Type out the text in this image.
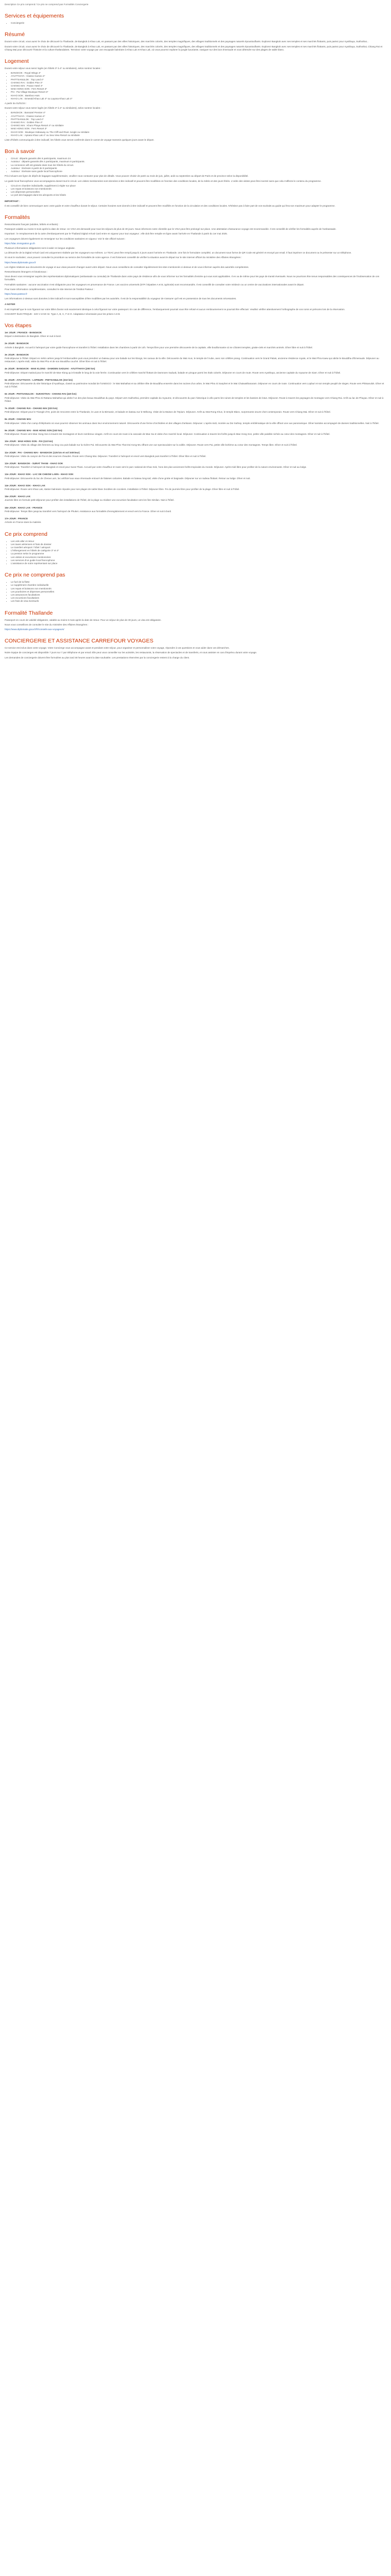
Description Ce prix comprend / Ce prix ne comprend pas Formalités Conciergerie

Services et équipements
• Conciergerie
Résumé

Durant votre circuit, vous aurez le choix de découvrir la Thaïlande, de Bangkok à Khao Lak, en passant par des villes historiques, des marchés colorés, des temples magnifiques, des villages traditionnels et des paysages naturels époustouflants. Explorez Bangkok avec ses temples et ses marchés flottants, puis partez pour Ayutthaya, Sukhothai...

Durant votre circuit, vous aurez le choix de découvrir la Thaïlande, de Bangkok à Khao Lak, en passant par des villes historiques, des marchés colorés, des temples magnifiques, des villages traditionnels et des paysages naturels époustouflants. Explorez Bangkok avec ses temples et ses marchés flottants, puis partez pour Ayutthaya, Sukhothai, Chiang Rai et Chiang Mai pour découvrir l'histoire et la culture thaïlandaises. Terminez votre voyage par une escapade balnéaire à Khao Lak et Khao Lak, où vous pourrez explorer la jungle luxuriante, naviguer sur des lacs émeraude et vous détendre sur des plages de sable blanc.

Logement

Durant votre séjour vous serez logés (en hôtels 3* à 4* ou similaires), selon sontrez locales :

• BANGKOK : Royal Wings 4*
• AYUTTHAYA : Classic Kameo 4*
• PHITTSANULOK : Top Land 4*
• CHIANG RAI : Golden Pine 4*
• CHIANG MAI : Pavan Hotel 4*
• MAE HONG SON : Fern Resort 3*
• PAI : Pai Village Boutique Resort 3*
• KHAO SOK : Bamboo Huts
• KHAO LAK : Emerald Khao Lak 4* ou Layana Khao Lak 4*

A partir du 01/01/24 :

Durant votre séjour vous serez logés (en hôtels 3* à 4* ou similaires), selon sontrez locales :

• BANGKOK : Bossotel Premier 4*
• AYUTTHAYA : Classic Kameo 4*
• PHITTSANULOK : Top Land 4*
• CHIANG RAI : Golden Pine 4*
• CHIANG MAI : Khum Phaya Resort 4* ou similaire
• MAE HONG SON : Fern Resort 3*
• KHAO SOK : Boutique Hideaway ou The Cliff and River Jungle ou similaire
• KHAO LAK : Apsara Khao Lak 4* ou Sea View Resort ou similaire

Liste d'hôtels communiquée à titre indicatif, les hôtels vous seront confirmés dans le carnet de voyage transmis quelques jours avant le départ.

Bon à savoir
• Circuit : départs garantis dès 6 participants, maximum 24.
• Autotour : départs garantis dès 4 participants, maximum 8 participants.
• La connexion wifi est gratuite dans tous les hôtels du circuit.
• Autotour : itinéraire à partir de 8 participants
• Autotour : itinéraire sans guide local francophone

Prix incluant une ligne de dépôt de bagages supplémentaire, veuillez nous contacter pour plus de détails. Vous pouvez choisir de partir au mois de juin, juillet, août ou septembre au départ de Paris et de province selon la disponibilité.

Le guide local francophone vous accompagnera durant tout le circuit. Les visites mentionnées sont données à titre indicatif et peuvent être modifiées en fonction des conditions locales, de la météo et des jours fériés. L'ordre des visites peut être inversé sans que cela n'affecte le contenu du programme.

• Circuit en chambre individuelle, supplément à régler sur place
• Les repas et boissons non mentionnés
• Les dépenses personnelles
• Le port des bagages dans les aéroports et les hôtels

IMPORTANT :

Il est conseillé de bien communiquer avec votre guide et votre chauffeur durant le séjour. Certains horaires sont donnés à titre indicatif et peuvent être modifiés en fonction de la circulation et des conditions locales. N'hésitez pas à faire part de vos souhaits au guide qui fera son maximum pour adapter le programme.

Formalités

Ressortissants français (adultes, bébés et enfants) :

Passeport valable au moins 6 mois après la date de retour. Un VISA est demandé pour tous les séjours de plus de 30 jours. Nous informons notre clientèle que le VISA peut être prolongé sur place. Une attestation d'assurance voyage est recommandée. Il est conseillé de vérifier les formalités auprès de l'ambassade.

Important : le remplacement de la carte d'embarquement par le Thailand Digital Arrival Card entre en vigueur pour tout voyageur ; elle doit être remplie en ligne avant l'arrivée en Thaïlande à partir du 1er mai 2025.

Les voyageurs doivent également se renseigner sur les conditions sanitaires en vigueur. Voir le site officiel suivant :

https://tdac.immigration.go.th

Plusieurs informations obligatoires sont à saisir en langue anglaise.

La démarche de la Digital Arrival Card est uniquement réalisée par les voyageurs eux-mêmes. Le TDAC peut être rempli jusqu'à 3 jours avant l'arrivée en Thaïlande. Une fois le formulaire complété, un document sous forme de QR Code est généré et envoyé par email. Il faut imprimer ce document ou le présenter sur un téléphone.

Si vous le souhaitez, vous pouvez consulter la procédure au service des formalités de notre agence. Il est fortement conseillé de vérifier la situation avant le départ sur le site internet officiel du ministère des Affaires étrangères :

https://www.diplomatie.gouv.fr

Les règles relatives aux documents de voyage et aux visas peuvent changer avant votre départ. Nous vous conseillons de consulter régulièrement les sites mentionnés ci-dessus et de vous informer auprès des autorités compétentes.

Ressortissants étrangers et binationaux :

Vous devez vous renseigner auprès des représentations diplomatiques (ambassade ou consulat) de Thaïlande dans votre pays de résidence afin de vous informer sur les formalités d'entrée qui vous sont applicables. Il en va de même pour les pays de transit éventuels. Nous ne pourrions être tenus responsables des conséquences de l'inobservation de ces formalités.

Formalités sanitaires : aucune vaccination n'est obligatoire pour les voyageurs en provenance de France. Les vaccins universels (DTP, hépatites A et B, typhoïde) sont recommandés. Il est conseillé de consulter votre médecin ou un centre de vaccinations internationales avant le départ.

Pour toute information complémentaire, consultez le site internet de l'Institut Pasteur :

https://www.pasteur.fr

Les informations ci-dessus sont données à titre indicatif et sont susceptibles d'être modifiées par les autorités. Il est de la responsabilité du voyageur de s'assurer qu'il est en possession de tous les documents nécessaires.

A NOTER

Il est impératif que le nom figurant sur votre billet d'avion soit exactement identique à celui figurant sur votre passeport. En cas de différence, l'embarquement pourrait vous être refusé et aucun remboursement ne pourrait être effectué. Veuillez vérifier attentivement l'orthographe de vos noms et prénoms lors de la réservation.

COUVERT ÉLECTRIQUE : 220 V et 50 Hz. Type A, B, C, F et O. Adaptateur nécessaire pour les prises A et B.

Vos étapes

1er JOUR : FRANCE - BANGKOK

Départ à destination de Bangkok. Dîner et nuit à bord.

2e JOUR : BANGKOK

Arrivée à Bangkok. Accueil à l'aéroport par votre guide francophone et transfert à l'hôtel. Installation dans les chambres à partir de 14h. Temps libre pour une première découverte de la capitale, ville bouillonnante où se côtoient temples, gratte-ciels et marchés animés. Dîner libre et nuit à l'hôtel.

3e JOUR : BANGKOK

Petit-déjeuner à l'hôtel. Départ en métro aérien jusqu'à l'embarcadère puis vous prendrez un bateau pour une balade sur les klongs, les canaux de la ville. Découverte du Wat Arun, le temple de l'Aube, avec son célèbre prang. Continuation vers le Grand Palais, ancienne résidence royale, et le Wat Phra Kaew qui abrite le Bouddha d'Émeraude. Déjeuner au restaurant. L'après-midi, visite du Wat Pho et de son Bouddha couché. Dîner libre et nuit à l'hôtel.

4e JOUR : BANGKOK - MAE KLONG - DAMOEN SADUAK - AYUTTHAYA (200 km)

Petit-déjeuner. Départ matinal pour le marché de Mae Klong qui s'installe le long de la voie ferrée. Continuation vers le célèbre marché flottant de Damnoen Saduak, balade en pirogue parmi les étals colorés. Déjeuner en cours de route. Route vers Ayutthaya, ancienne capitale du royaume de Siam. Dîner et nuit à l'hôtel.

5e JOUR : AYUTTHAYA - LOPBURI - PHITSANULOK (310 km)

Petit-déjeuner. Découverte du site historique d'Ayutthaya, classé au patrimoine mondial de l'UNESCO : le Wat Mahathat et sa célèbre tête de Bouddha enserrée dans les racines d'un arbre, le Wat Phra Si Sanphet et le Wat Chaiwatthanaram. Déjeuner en cours de route. Continuation vers Lopburi et son temple peuplé de singes. Route vers Phitsanulok. Dîner et nuit à l'hôtel.

6e JOUR : PHITSANULOK - SUKHOTHAI - CHIANG RAI (420 km)

Petit-déjeuner. Visite du Wat Phra Si Rattana Mahathat qui abrite l'un des plus beaux Bouddhas du pays. Départ vers Sukhothai, première capitale du royaume, et découverte du parc historique à vélo parmi les ruines de temples et les bassins de lotus. Déjeuner. Route à travers les paysages de montagne vers Chiang Rai. Arrêt au lac de Phayao. Dîner et nuit à l'hôtel.

7e JOUR : CHIANG RAI - CHIANG MAI (220 km)

Petit-déjeuner. Départ pour le Triangle d'Or, point de rencontre entre la Thaïlande, le Laos et la Birmanie, et balade en bateau sur le Mékong. Visite de la Maison de l'Opium. Déjeuner. Arrêt au Wat Rong Khun, le temple Blanc, surprenante œuvre d'art contemporain. Route vers Chiang Mai. Dîner et nuit à l'hôtel.

8e JOUR : CHIANG MAI

Petit-déjeuner. Visite d'un camp d'éléphants où vous pourrez observer les animaux dans leur environnement naturel. Découverte d'une ferme d'orchidées et des villages d'artisans. Déjeuner. L'après-midi, montée au Doi Suthep, temple emblématique de la ville offrant une vue panoramique. Dîner kantoke accompagné de danses traditionnelles. Nuit à l'hôtel.

9e JOUR : CHIANG MAI - MAE HONG SON (240 km)

Petit-déjeuner. Route vers Mae Hong Son à travers les montagnes et leurs nombreux virages. Arrêt en cours de route à la cascade de Mae Sa et visite d'un marché local. Déjeuner. Continuation à travers les forêts jusqu'à Mae Hong Son, petite ville paisible nichée au cœur des montagnes. Dîner et nuit à l'hôtel.

10e JOUR : MAE HONG SON - PAI (110 km)

Petit-déjeuner. Visite du village des femmes au long cou puis balade sur la rivière Pai. Découverte du Wat Phra That Doi Kong Mu offrant une vue spectaculaire sur la vallée. Déjeuner. Route vers Pai, petite ville bohème au cœur des montagnes. Temps libre. Dîner et nuit à l'hôtel.

11e JOUR : PAI - CHIANG MAI - BANGKOK (135 km et vol intérieur)

Petit-déjeuner. Visite du canyon de Pai et des sources chaudes. Route vers Chiang Mai. Déjeuner. Transfert à l'aéroport et envol vers Bangkok puis transfert à l'hôtel. Dîner libre et nuit à l'hôtel.

12e JOUR : BANGKOK - SURAT THANI - KHAO SOK

Petit-déjeuner. Transfert à l'aéroport de Bangkok et envol pour Surat Thani. Accueil par votre chauffeur et route vers le parc national de Khao Sok, l'une des plus anciennes forêts tropicales du monde. Déjeuner. Après-midi libre pour profiter de la nature environnante. Dîner et nuit au lodge.

13e JOUR : KHAO SOK - LAC DE CHEOW LARN - KHAO SOK

Petit-déjeuner. Découverte du lac de Cheow Larn, lac artificiel aux eaux émeraude entouré de falaises calcaires. Balade en bateau long-tail, visite d'une grotte et baignade. Déjeuner sur un radeau flottant. Retour au lodge. Dîner et nuit.

14e JOUR : KHAO SOK - KHAO LAK

Petit-déjeuner. Route vers Khao Lak, station balnéaire réputée pour ses plages de sable blanc bordées de cocotiers. Installation à l'hôtel. Déjeuner libre. Fin de journée libre pour profiter de la plage. Dîner libre et nuit à l'hôtel.

15e JOUR : KHAO LAK

Journée libre en formule petit-déjeuner pour profiter des installations de l'hôtel, de la plage ou réaliser une excursion facultative vers les îles Similan. Nuit à l'hôtel.

16e JOUR : KHAO LAK - FRANCE

Petit-déjeuner. Temps libre jusqu'au transfert vers l'aéroport de Phuket. Assistance aux formalités d'enregistrement et envol vers la France. Dîner et nuit à bord.

17e JOUR : FRANCE

Arrivée en France dans la matinée.

Ce prix comprend
• Les vols aller et retour
• Les taxes aériennes et frais de dossier
• Le transfert aéroport / hôtel / aéroport
• L'hébergement en hôtels de catégorie 3* et 4*
• La pension selon le programme
• Les visites et excursions mentionnées
• Les services d'un guide local francophone
• L'assistance de notre représentant sur place
Ce prix ne comprend pas
• Le fuel de la flotte
• Le supplément chambre individuelle
• Les repas et boissons non mentionnés
• Les pourboires et dépenses personnelles
• Les assurances facultatives
• Les excursions facultatives
• Les frais de visa éventuels
Formalité Thaïlande

Passeport en cours de validité obligatoire, valable au moins 6 mois après la date de retour. Pour un séjour de plus de 30 jours, un visa est obligatoire.

Nous vous conseillons de consulter le site du ministère des Affaires étrangères :

https://www.diplomatie.gouv.fr/fr/conseils-aux-voyageurs/

CONCIERGERIE ET ASSISTANCE CARREFOUR VOYAGES

Ce service est inclus dans votre voyage. Votre Concierge vous accompagne avant et pendant votre séjour, pour organiser et personnaliser votre voyage, répondre à vos questions et vous aider dans vos démarches.

Notre équipe de concierges est disponible 7 jours sur 7 par téléphone et par email. Elle peut vous conseiller sur les activités, les restaurants, la réservation de spectacles et de transferts, et vous assister en cas d'imprévu durant votre voyage.

Les demandes de conciergerie doivent être formulées au plus tard 48 heures avant la date souhaitée. Les prestations réservées par la conciergerie restent à la charge du client.
